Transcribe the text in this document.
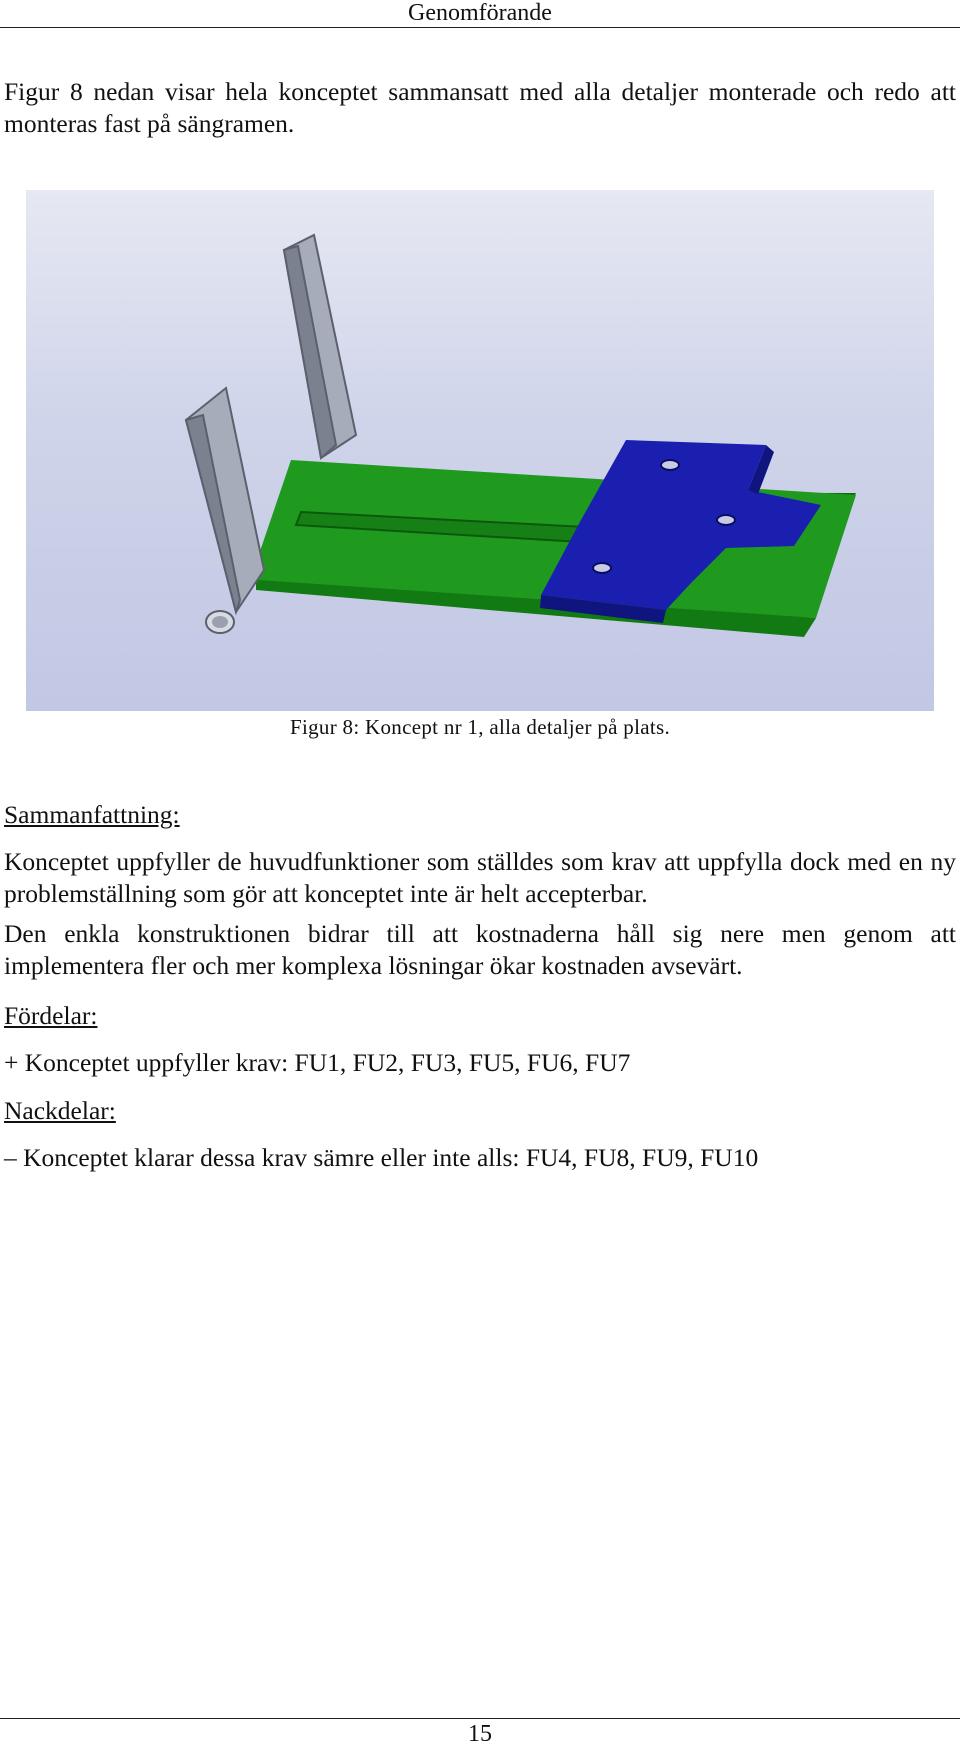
Genomförande

Figur 8 nedan visar hela konceptet sammansatt med alla detaljer monterade och redo att monteras fast på sängramen.

Figur 8: Koncept nr 1, alla detaljer på plats.
Sammanfattning:

Konceptet uppfyller de huvudfunktioner som ställdes som krav att uppfylla dock med en ny problemställning som gör att konceptet inte är helt accepterbar.

Den enkla konstruktionen bidrar till att kostnaderna håll sig nere men genom att implementera fler och mer komplexa lösningar ökar kostnaden avsevärt.

Fördelar:

+ Konceptet uppfyller krav: FU1, FU2, FU3, FU5, FU6, FU7

Nackdelar:

– Konceptet klarar dessa krav sämre eller inte alls: FU4, FU8, FU9, FU10

15
